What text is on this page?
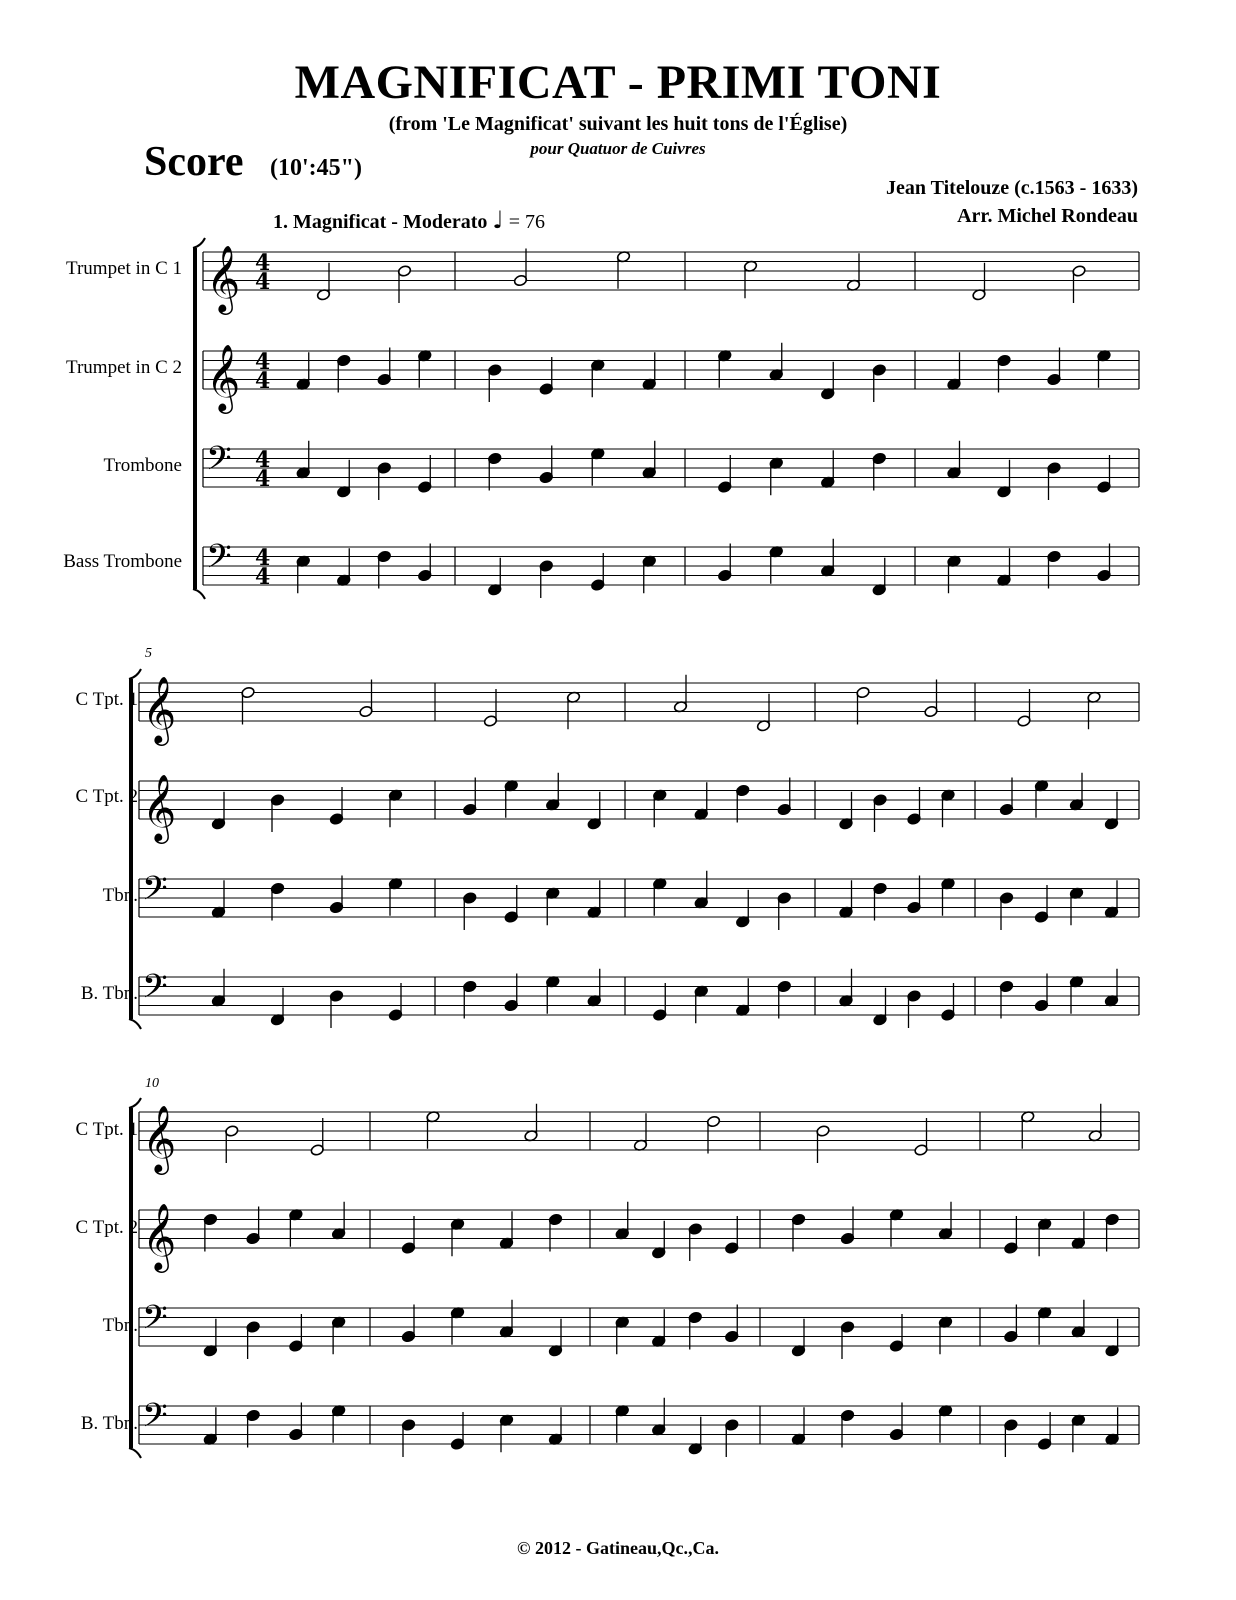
MAGNIFICAT - PRIMI TONI
(from 'Le Magnificat' suivant les huit tons de l'Église)
pour Quatuor de Cuivres
Score (10':45")
Jean Titelouze (c.1563 - 1633)
Arr. Michel Rondeau
1. Magnificat - Moderato ♩ = 76
Trumpet in C 1
Trumpet in C 2
Trombone
Bass Trombone
C Tpt. 1
C Tpt. 2
Tbn.
B. Tbn.
C Tpt. 1
C Tpt. 2
Tbn.
B. Tbn.
5
10
𝄞 4
4
𝄞 4
4
𝄢 4
4
𝄢 4
4
𝄞
𝄞
𝄢
𝄢
𝄞
𝄞
𝄢
𝄢
© 2012 - Gatineau,Qc.,Ca.
